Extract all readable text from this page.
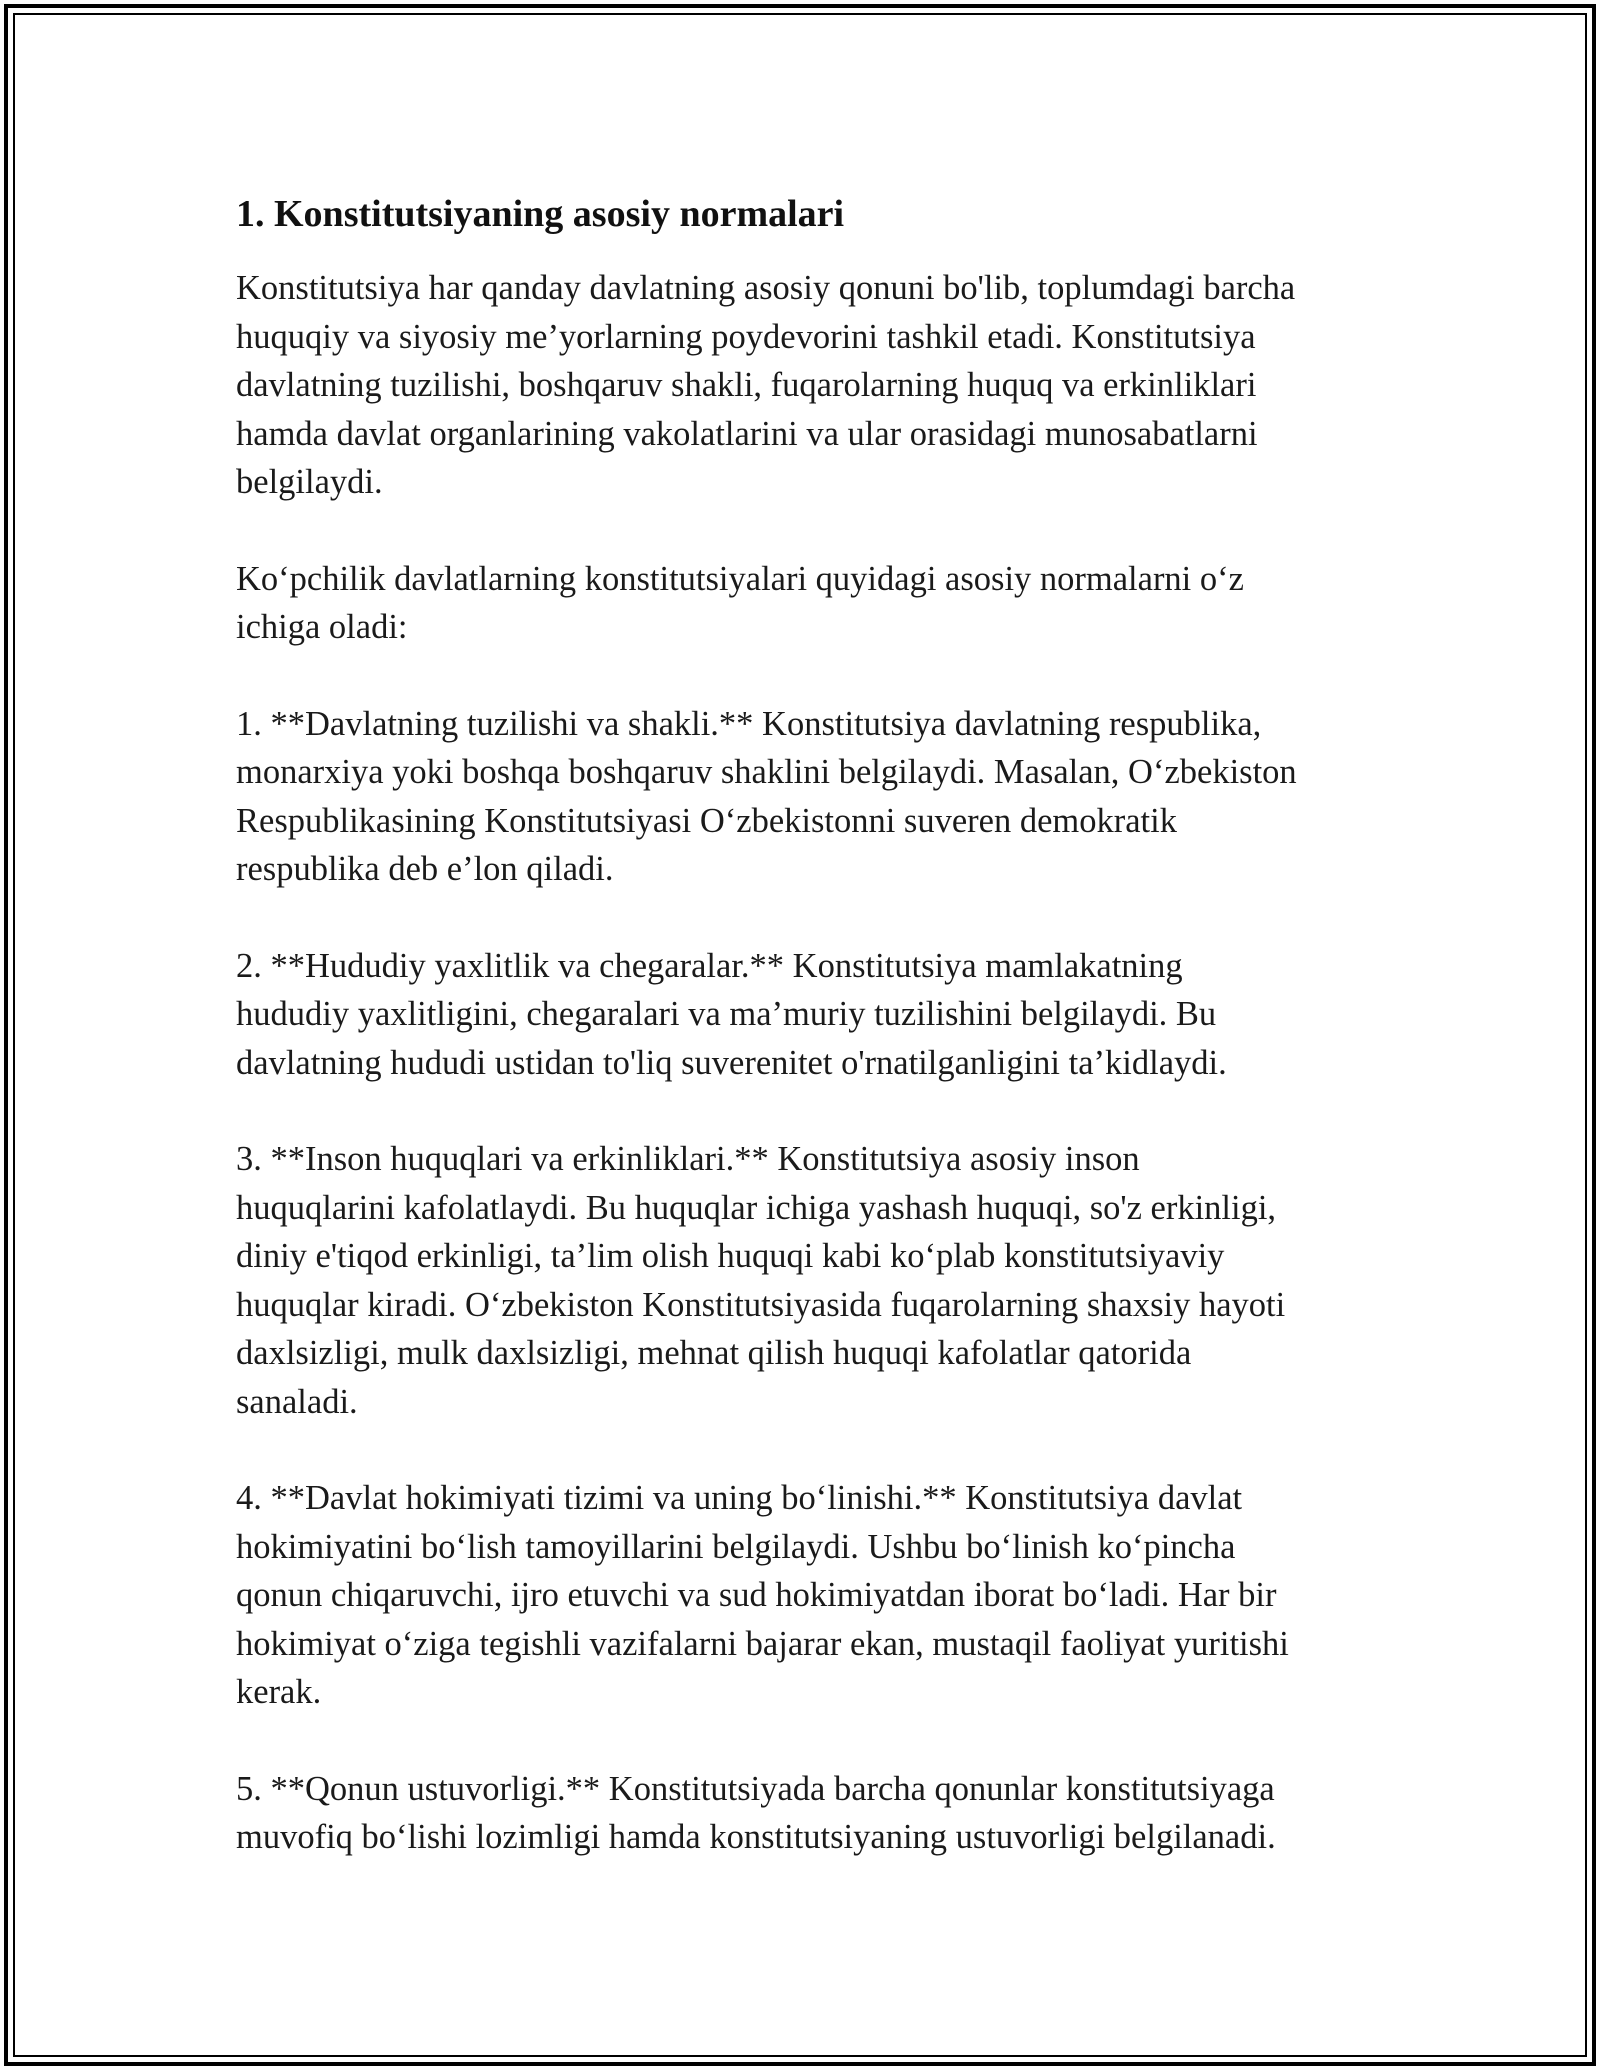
1. Konstitutsiyaning asosiy normalari

Konstitutsiya har qanday davlatning asosiy qonuni bo'lib, toplumdagi barcha
huquqiy va siyosiy me’yorlarning poydevorini tashkil etadi. Konstitutsiya
davlatning tuzilishi, boshqaruv shakli, fuqarolarning huquq va erkinliklari
hamda davlat organlarining vakolatlarini va ular orasidagi munosabatlarni
belgilaydi.

Ko‘pchilik davlatlarning konstitutsiyalari quyidagi asosiy normalarni o‘z
ichiga oladi:

1. **Davlatning tuzilishi va shakli.** Konstitutsiya davlatning respublika,
monarxiya yoki boshqa boshqaruv shaklini belgilaydi. Masalan, O‘zbekiston
Respublikasining Konstitutsiyasi O‘zbekistonni suveren demokratik
respublika deb e’lon qiladi.

2. **Hududiy yaxlitlik va chegaralar.** Konstitutsiya mamlakatning
hududiy yaxlitligini, chegaralari va ma’muriy tuzilishini belgilaydi. Bu
davlatning hududi ustidan to'liq suverenitet o'rnatilganligini ta’kidlaydi.

3. **Inson huquqlari va erkinliklari.** Konstitutsiya asosiy inson
huquqlarini kafolatlaydi. Bu huquqlar ichiga yashash huquqi, so'z erkinligi,
diniy e'tiqod erkinligi, ta’lim olish huquqi kabi ko‘plab konstitutsiyaviy
huquqlar kiradi. O‘zbekiston Konstitutsiyasida fuqarolarning shaxsiy hayoti
daxlsizligi, mulk daxlsizligi, mehnat qilish huquqi kafolatlar qatorida
sanaladi.

4. **Davlat hokimiyati tizimi va uning bo‘linishi.** Konstitutsiya davlat
hokimiyatini bo‘lish tamoyillarini belgilaydi. Ushbu bo‘linish ko‘pincha
qonun chiqaruvchi, ijro etuvchi va sud hokimiyatdan iborat bo‘ladi. Har bir
hokimiyat o‘ziga tegishli vazifalarni bajarar ekan, mustaqil faoliyat yuritishi
kerak.

5. **Qonun ustuvorligi.** Konstitutsiyada barcha qonunlar konstitutsiyaga
muvofiq bo‘lishi lozimligi hamda konstitutsiyaning ustuvorligi belgilanadi.
